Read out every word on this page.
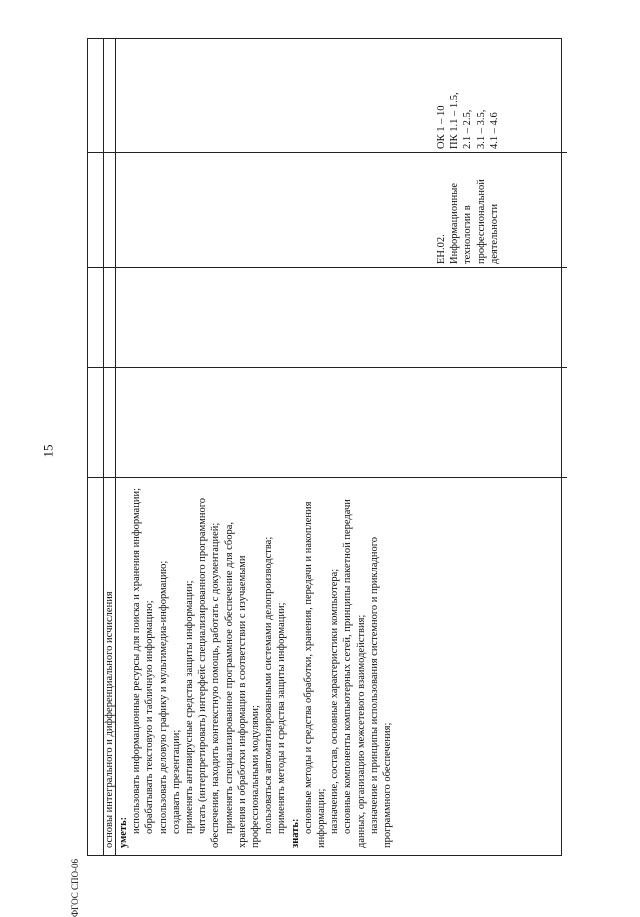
15
ФГОС СПО-06
основы интегрального и дифференциального исчисления уметь: использовать информационные ресурсы для поиска и хранения информации; обрабатывать текстовую и табличную информацию; использовать деловую графику и мультимедиа-информацию; создавать презентации; применять антивирусные средства защиты информации; читать (интерпретировать) интерфейс специализированного программного обеспечения, находить контекстную помощь, работать с документацией; применять специализированное программное обеспечение для сбора, хранения и обработки информации в соответствии с изучаемыми профессиональными модулями; пользоваться автоматизированными системами делопроизводства; применять методы и средства защиты информации; знать: основные методы и средства обработки, хранения, передачи и накопления информации; назначение, состав, основные характеристики компьютера; основные компоненты компьютерных сетей, принципы пакетной передачи данных, организацию межсетевого взаимодействия; назначение и принципы использования системного и прикладного программного обеспечения;

ЕН.02. Информационные технологии в профессиональной деятельности

ОК 1 – 10 ПК 1.1 – 1.5, 2.1 – 2.5, 3.1 – 3.5, 4.1 – 4.6
